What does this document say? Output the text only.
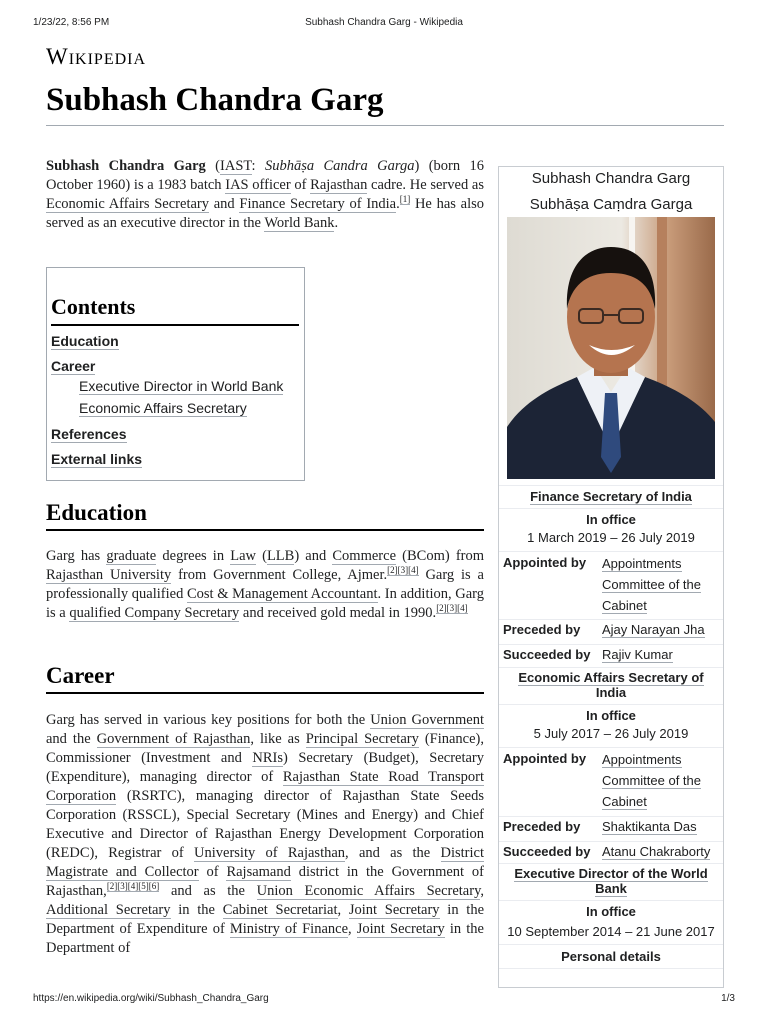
1/23/22, 8:56 PM	Subhash Chandra Garg - Wikipedia
Wikipedia
Subhash Chandra Garg

Subhash Chandra Garg (IAST: Subhāṣa Candra Garga) (born 16 October 1960) is a 1983 batch IAS officer of Rajasthan cadre. He served as Economic Affairs Secretary and Finance Secretary of India.[1] He has also served as an executive director in the World Bank.

Contents
Education
Career
Executive Director in World Bank
Economic Affairs Secretary
References
External links
Education

Garg has graduate degrees in Law (LLB) and Commerce (BCom) from Rajasthan University from Government College, Ajmer.[2][3][4] Garg is a professionally qualified Cost & Management Accountant. In addition, Garg is a qualified Company Secretary and received gold medal in 1990.[2][3][4]

Career

Garg has served in various key positions for both the Union Government and the Government of Rajasthan, like as Principal Secretary (Finance), Commissioner (Investment and NRIs) Secretary (Budget), Secretary (Expenditure), managing director of Rajasthan State Road Transport Corporation (RSRTC), managing director of Rajasthan State Seeds Corporation (RSSCL), Special Secretary (Mines and Energy) and Chief Executive and Director of Rajasthan Energy Development Corporation (REDC), Registrar of University of Rajasthan, and as the District Magistrate and Collector of Rajsamand district in the Government of Rajasthan,[2][3][4][5][6] and as the Union Economic Affairs Secretary, Additional Secretary in the Cabinet Secretariat, Joint Secretary in the Department of Expenditure of Ministry of Finance, Joint Secretary in the Department of

Subhash Chandra Garg
Subhāṣa Caṃdra Garga
Finance Secretary of India
In office
1 March 2019 – 26 July 2019
Appointed by Appointments
Committee of the
Cabinet
Preceded by Ajay Narayan Jha
Succeeded by Rajiv Kumar
Economic Affairs Secretary of
India
In office
5 July 2017 – 26 July 2019
Appointed by Appointments
Committee of the
Cabinet
Preceded by Shaktikanta Das
Succeeded by Atanu Chakraborty
Executive Director of the World
Bank
In office
10 September 2014 – 21 June 2017
Personal details
https://en.wikipedia.org/wiki/Subhash_Chandra_Garg	1/3
